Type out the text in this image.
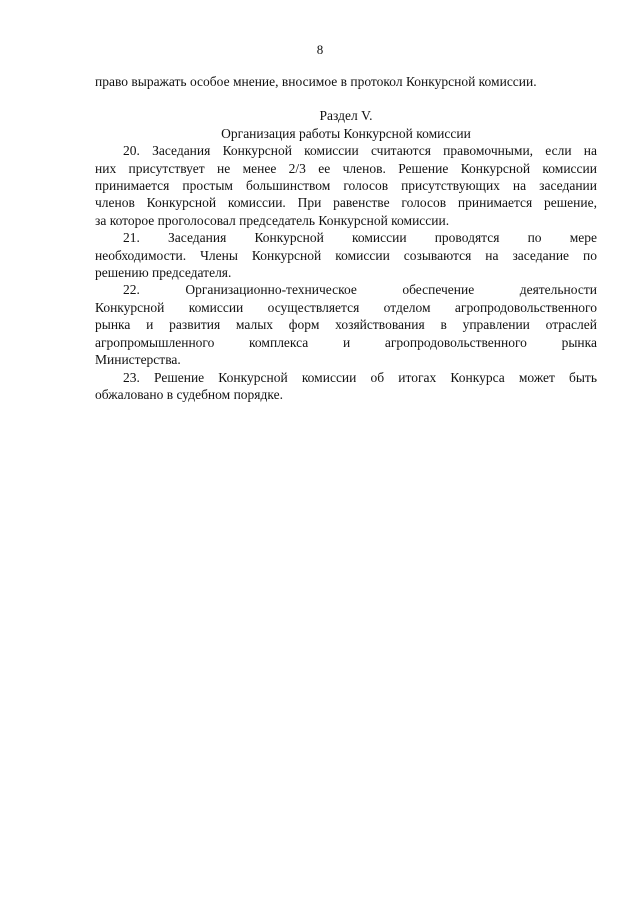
8
право выражать особое мнение, вносимое в протокол Конкурсной комиссии.
Раздел V.
Организация работы Конкурсной комиссии
20. Заседания Конкурсной комиссии считаются правомочными, если на
них присутствует не менее 2/3 ее членов. Решение Конкурсной комиссии
принимается простым большинством голосов присутствующих на заседании
членов Конкурсной комиссии. При равенстве голосов принимается решение,
за которое проголосовал председатель Конкурсной комиссии.
21. Заседания Конкурсной комиссии проводятся по мере
необходимости. Члены Конкурсной комиссии созываются на заседание по
решению председателя.
22. Организационно-техническое обеспечение деятельности
Конкурсной комиссии осуществляется отделом агропродовольственного
рынка и развития малых форм хозяйствования в управлении отраслей
агропромышленного комплекса и агропродовольственного рынка
Министерства.
23. Решение Конкурсной комиссии об итогах Конкурса может быть
обжаловано в судебном порядке.
